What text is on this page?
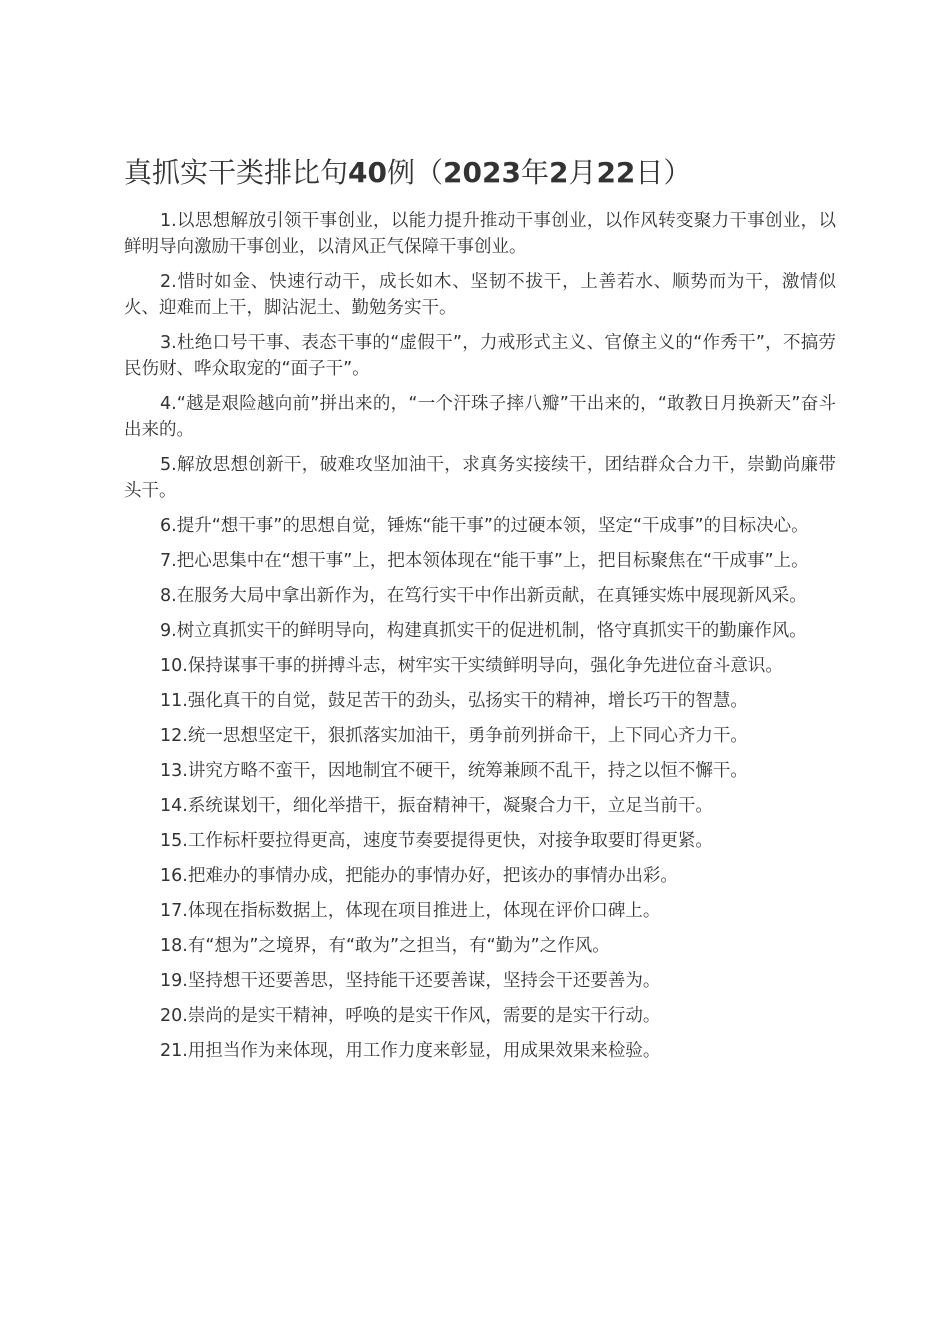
真抓实干类排比句40例（2023年2月22日）
1.以思想解放引领干事创业，以能力提升推动干事创业，以作风转变聚力干事创业，以鲜明导向激励干事创业，以清风正气保障干事创业。
2.惜时如金、快速行动干，成长如木、坚韧不拔干，上善若水、顺势而为干，激情似火、迎难而上干，脚沾泥土、勤勉务实干。
3.杜绝口号干事、表态干事的“虚假干”，力戒形式主义、官僚主义的“作秀干”，不搞劳民伤财、哗众取宠的“面子干”。
4.“越是艰险越向前”拼出来的，“一个汗珠子摔八瓣”干出来的，“敢教日月换新天”奋斗出来的。
5.解放思想创新干，破难攻坚加油干，求真务实接续干，团结群众合力干，崇勤尚廉带头干。
6.提升“想干事”的思想自觉，锤炼“能干事”的过硬本领，坚定“干成事”的目标决心。
7.把心思集中在“想干事”上，把本领体现在“能干事”上，把目标聚焦在“干成事”上。
8.在服务大局中拿出新作为，在笃行实干中作出新贡献，在真锤实炼中展现新风采。
9.树立真抓实干的鲜明导向，构建真抓实干的促进机制，恪守真抓实干的勤廉作风。
10.保持谋事干事的拼搏斗志，树牢实干实绩鲜明导向，强化争先进位奋斗意识。
11.强化真干的自觉，鼓足苦干的劲头，弘扬实干的精神，增长巧干的智慧。
12.统一思想坚定干，狠抓落实加油干，勇争前列拼命干，上下同心齐力干。
13.讲究方略不蛮干，因地制宜不硬干，统筹兼顾不乱干，持之以恒不懈干。
14.系统谋划干，细化举措干，振奋精神干，凝聚合力干，立足当前干。
15.工作标杆要拉得更高，速度节奏要提得更快，对接争取要盯得更紧。
16.把难办的事情办成，把能办的事情办好，把该办的事情办出彩。
17.体现在指标数据上，体现在项目推进上，体现在评价口碑上。
18.有“想为”之境界，有“敢为”之担当，有“勤为”之作风。
19.坚持想干还要善思，坚持能干还要善谋，坚持会干还要善为。
20.崇尚的是实干精神，呼唤的是实干作风，需要的是实干行动。
21.用担当作为来体现，用工作力度来彰显，用成果效果来检验。
